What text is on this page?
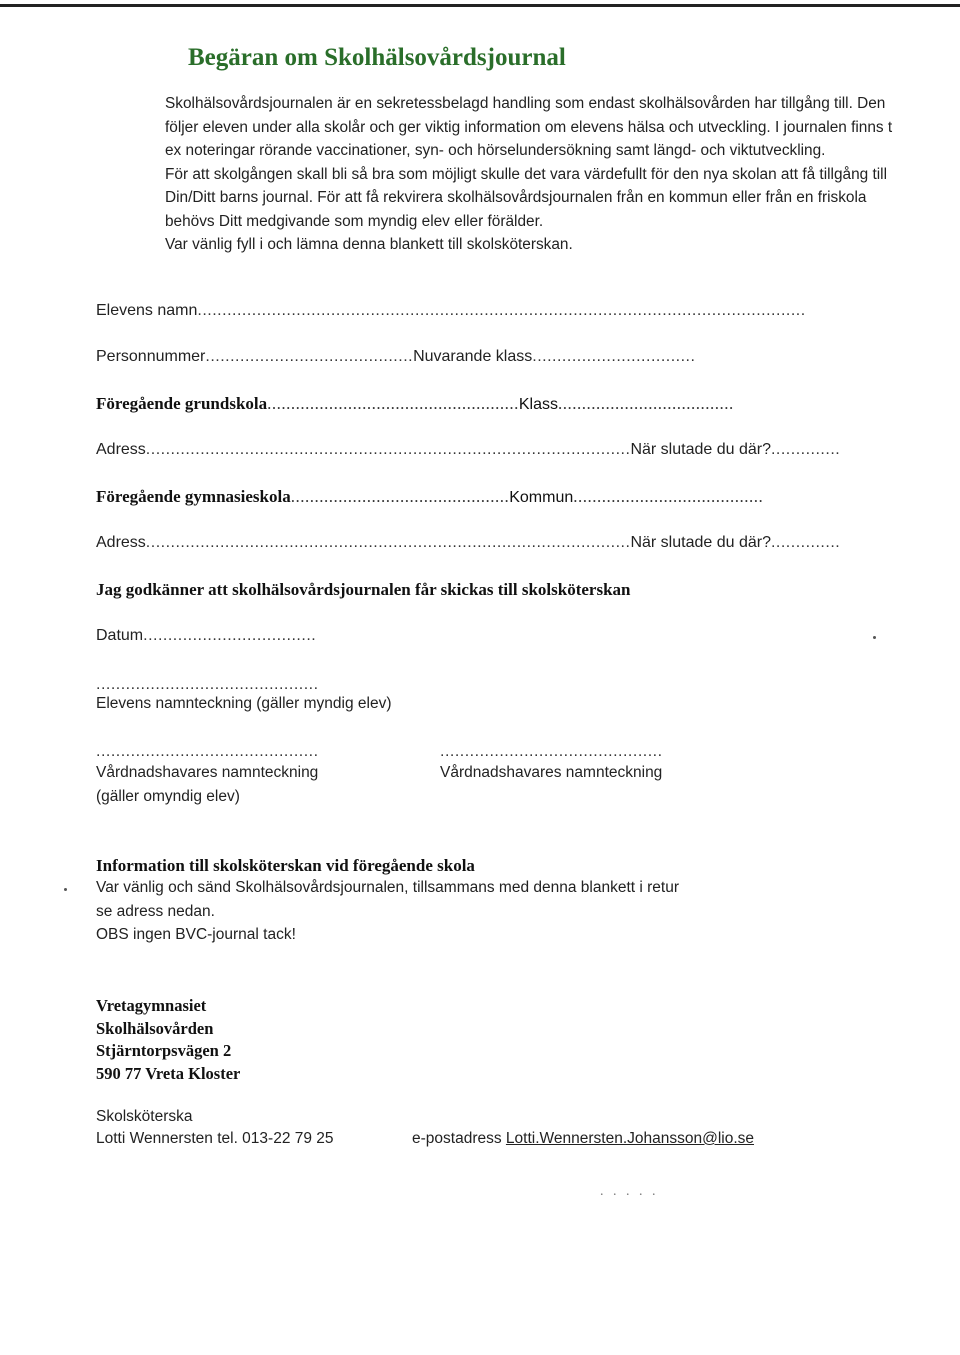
Begäran om Skolhälsovårdsjournal

Skolhälsovårdsjournalen är en sekretessbelagd handling som endast skolhälsovården har tillgång till. Den följer eleven under alla skolår och ger viktig information om elevens hälsa och utveckling. I journalen finns t ex noteringar rörande vaccinationer, syn- och hörselundersökning samt längd- och viktutveckling.

För att skolgången skall bli så bra som möjligt skulle det vara värdefullt för den nya skolan att få tillgång till Din/Ditt barns journal. För att få rekvirera skolhälsovårdsjournalen från en kommun eller från en friskola behövs Ditt medgivande som myndig elev eller förälder.

Var vänlig fyll i och lämna denna blankett till skolsköterskan.

Elevens namn...........................................................................................................................
Personnummer..........................................Nuvarande klass.................................
Föregående grundskola.....................................................Klass.....................................
Adress..................................................................................................När slutade du där?..............
Föregående gymnasieskola..............................................Kommun........................................
Adress..................................................................................................När slutade du där?..............
Jag godkänner att skolhälsovårdsjournalen får skickas till skolsköterskan
Datum...................................
.............................................
Elevens namnteckning (gäller myndig elev)
.............................................
Vårdnadshavares namnteckning
(gäller omyndig elev)
.............................................
Vårdnadshavares namnteckning
Information till skolsköterskan vid föregående skola
Var vänlig och sänd Skolhälsovårdsjournalen, tillsammans med denna blankett i retur
se adress nedan.
OBS ingen BVC-journal tack!
Vretagymnasiet
Skolhälsovården
Stjärntorpsvägen 2
590 77 Vreta Kloster
Skolsköterska
Lotti Wennersten tel. 013-22 79 25	e-postadress Lotti.Wennersten.Johansson@lio.se
. . . . .
